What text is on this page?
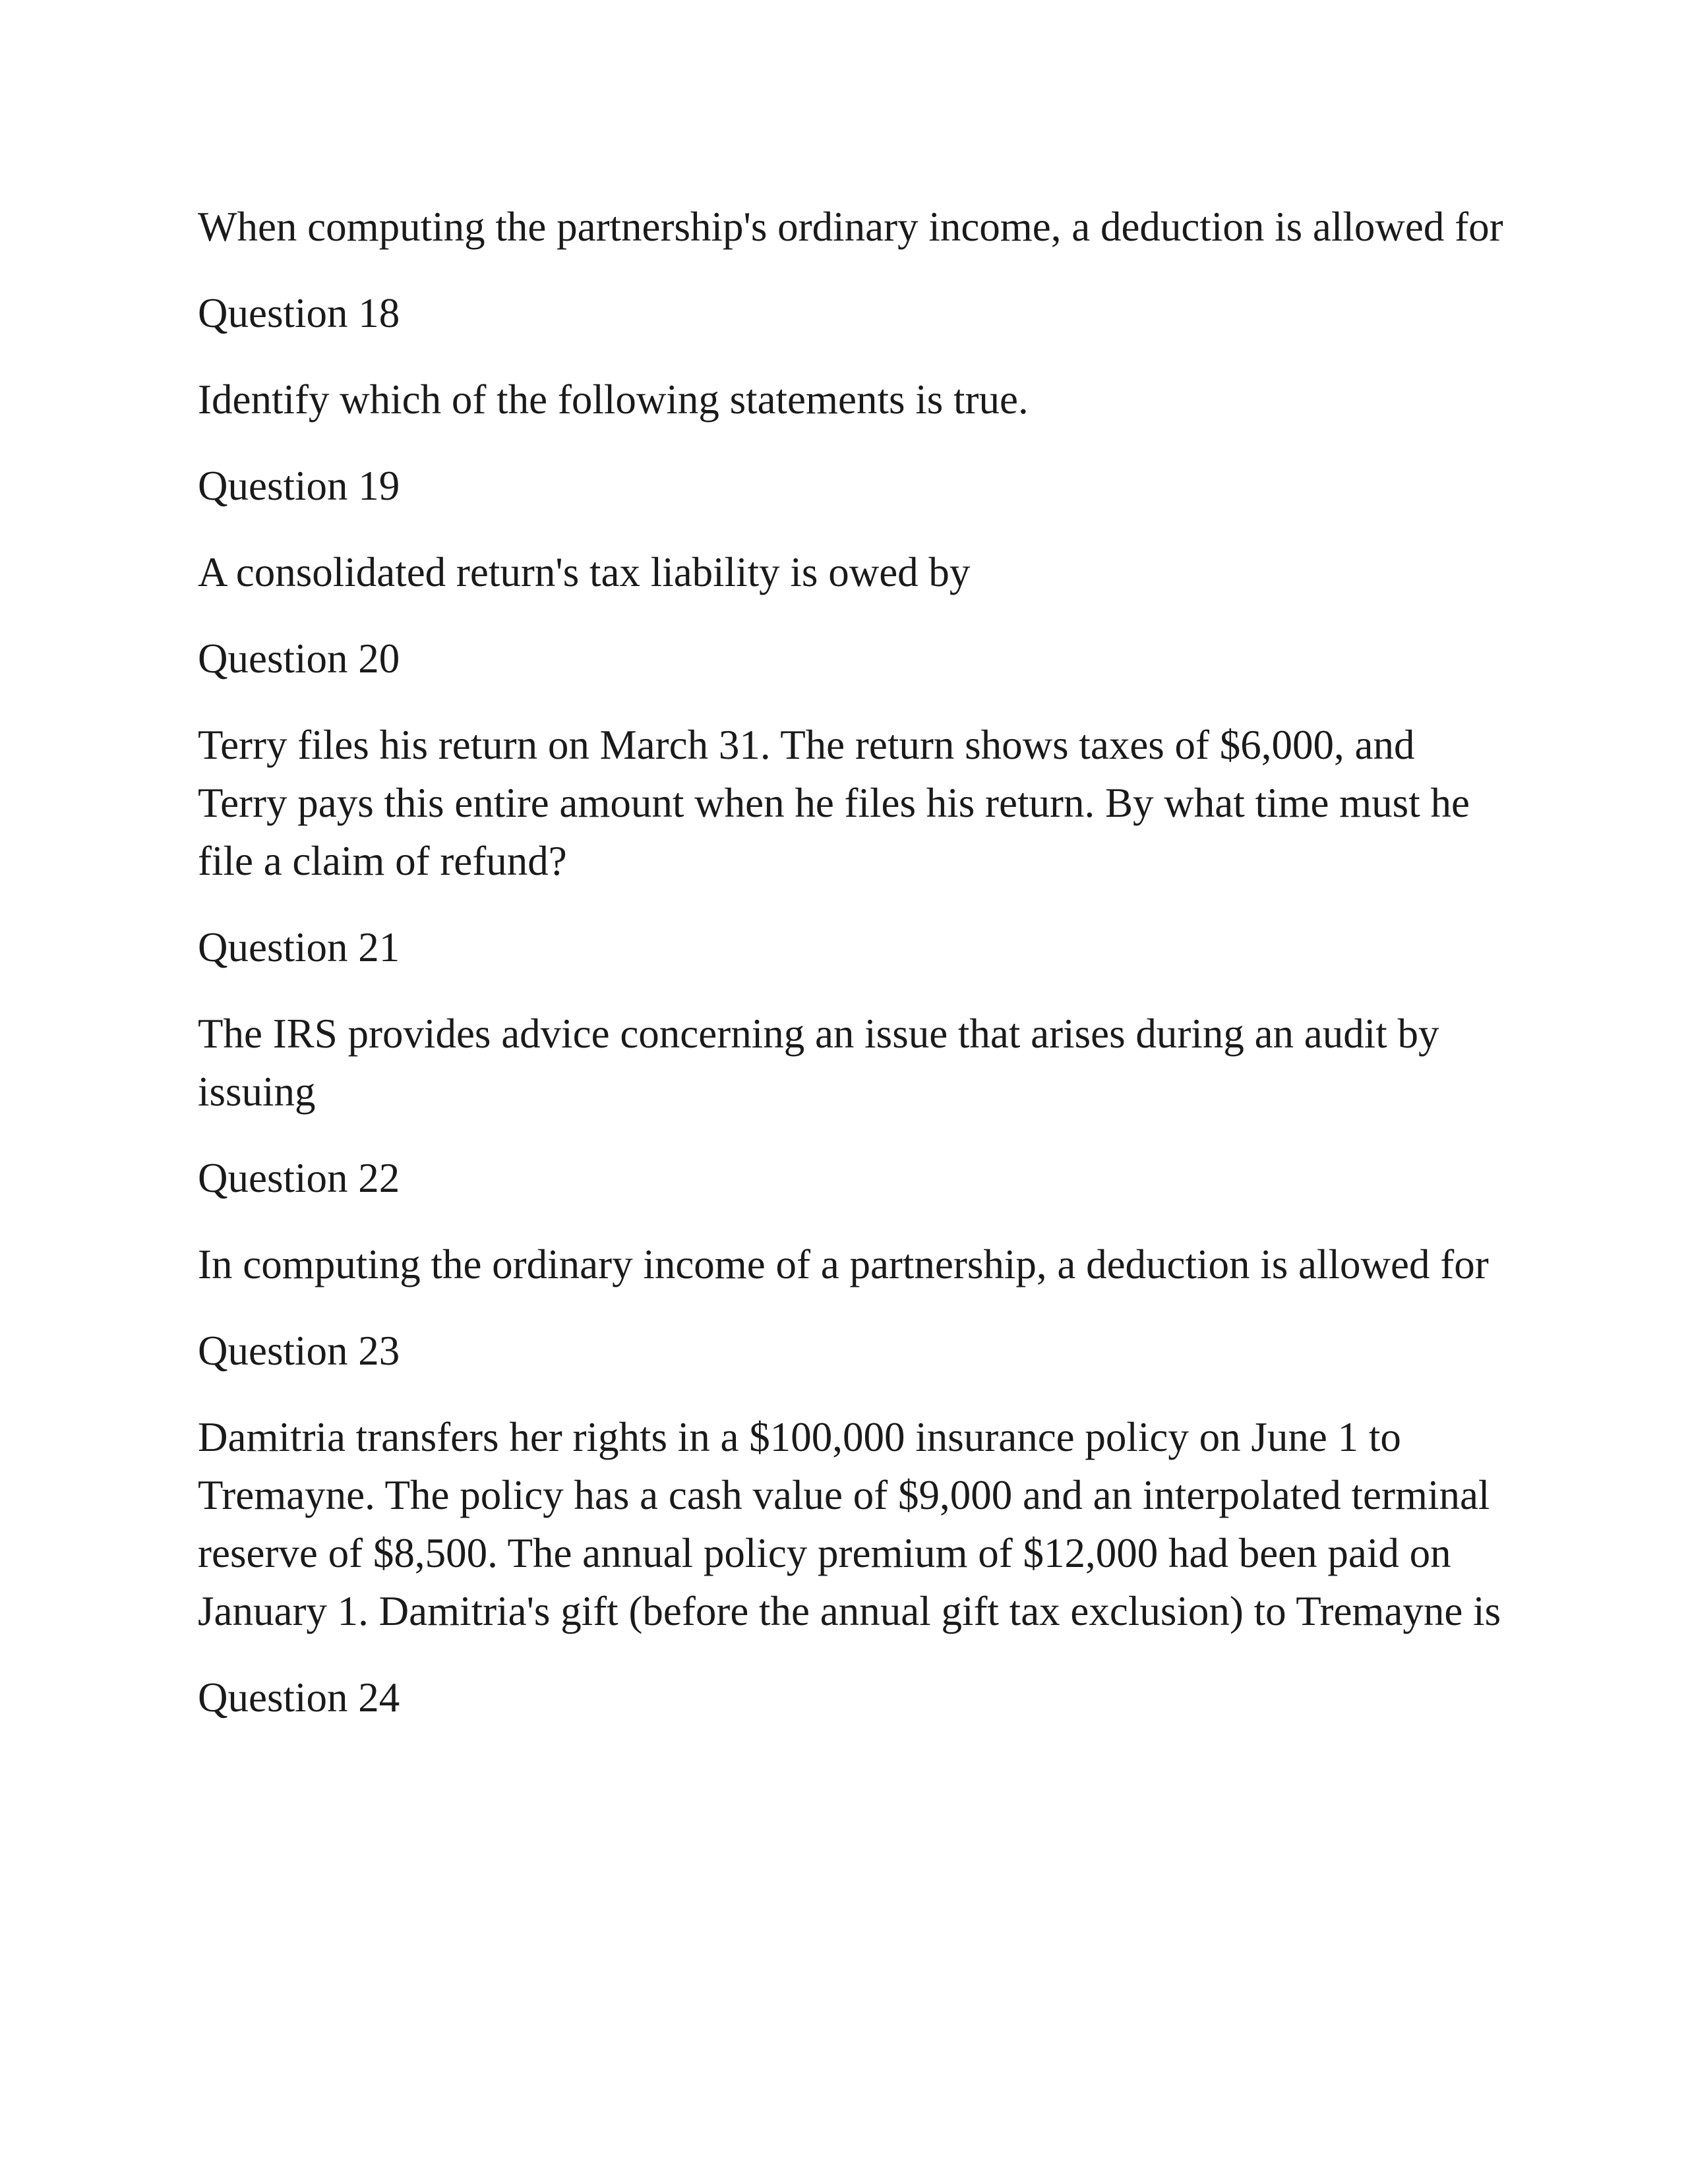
When computing the partnership's ordinary income, a deduction is allowed for

Question 18

Identify which of the following statements is true.

Question 19

A consolidated return's tax liability is owed by

Question 20

Terry files his return on March 31. The return shows taxes of $6,000, and Terry pays this entire amount when he files his return. By what time must he file a claim of refund?

Question 21

The IRS provides advice concerning an issue that arises during an audit by issuing

Question 22

In computing the ordinary income of a partnership, a deduction is allowed for

Question 23

Damitria transfers her rights in a $100,000 insurance policy on June 1 to Tremayne. The policy has a cash value of $9,000 and an interpolated terminal reserve of $8,500. The annual policy premium of $12,000 had been paid on January 1. Damitria's gift (before the annual gift tax exclusion) to Tremayne is

Question 24
